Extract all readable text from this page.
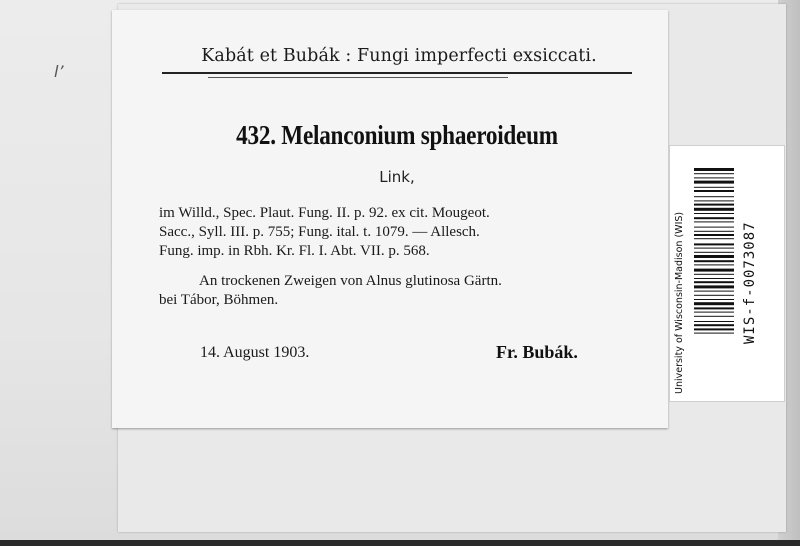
l’
Kabát et Bubák : Fungi imperfecti exsiccati.
432. Melanconium sphaeroideum
Link,
im Willd., Spec. Plaut. Fung. II. p. 92. ex cit. Mougeot.
Sacc., Syll. III. p. 755; Fung. ital. t. 1079. — Allesch.
Fung. imp. in Rbh. Kr. Fl. I. Abt. VII. p. 568.
An trockenen Zweigen von Alnus glutinosa Gärtn.
bei Tábor, Böhmen.
14. August 1903.	Fr. Bubák.	University of Wisconsin-Madison (WIS)	WIS-f-0073087
